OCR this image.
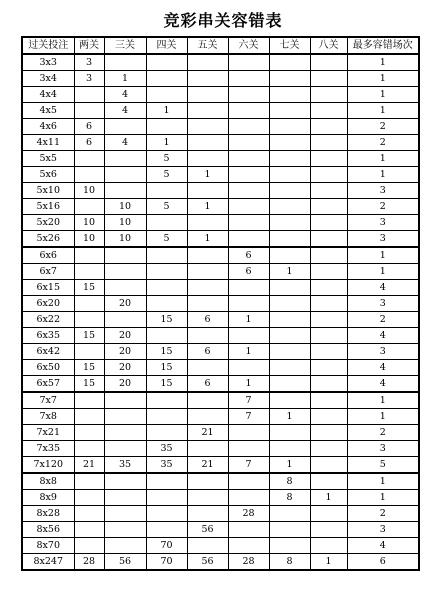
竞彩串关容错表
过关投注	两关	三关	四关	五关	六关	七关	八关	最多容错场次
3x3	3							1
3x4	3	1						1
4x4		4						1
4x5		4	1					1
4x6	6							2
4x11	6	4	1					2
5x5			5					1
5x6			5	1				1
5x10	10							3
5x16		10	5	1				2
5x20	10	10						3
5x26	10	10	5	1				3
6x6					6			1
6x7					6	1		1
6x15	15							4
6x20		20						3
6x22			15	6	1			2
6x35	15	20						4
6x42		20	15	6	1			3
6x50	15	20	15					4
6x57	15	20	15	6	1			4
7x7					7			1
7x8					7	1		1
7x21				21				2
7x35			35					3
7x120	21	35	35	21	7	1		5
8x8						8		1
8x9						8	1	1
8x28					28			2
8x56				56				3
8x70			70					4
8x247	28	56	70	56	28	8	1	6
